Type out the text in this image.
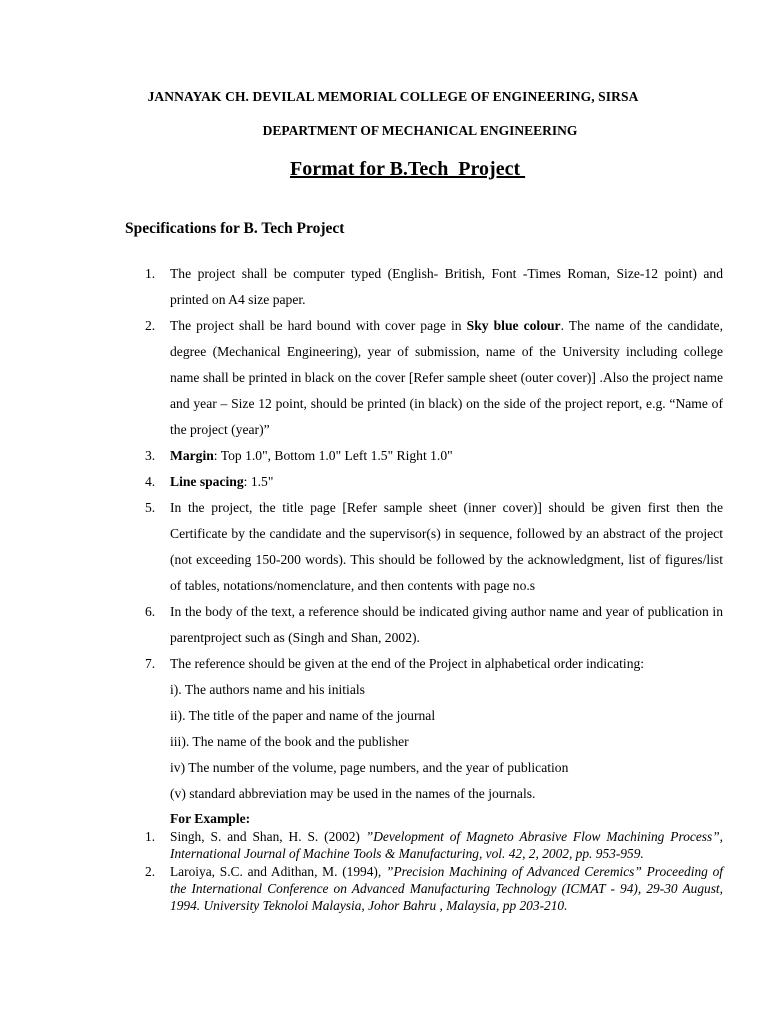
JANNAYAK CH. DEVILAL MEMORIAL COLLEGE OF ENGINEERING, SIRSA
DEPARTMENT OF MECHANICAL ENGINEERING
Format for B.Tech  Project
Specifications for B. Tech Project
1. The project shall be computer typed (English- British, Font -Times Roman, Size-12 point) and printed on A4 size paper.
2. The project shall be hard bound with cover page in Sky blue colour. The name of the candidate, degree (Mechanical Engineering), year of submission, name of the University including college name shall be printed in black on the cover [Refer sample sheet (outer cover)] .Also the project name and year – Size 12 point, should be printed (in black) on the side of the project report, e.g. “Name of the project (year)”
3. Margin: Top 1.0", Bottom 1.0" Left 1.5" Right 1.0"
4. Line spacing: 1.5"
5. In the project, the title page [Refer sample sheet (inner cover)] should be given first then the Certificate by the candidate and the supervisor(s) in sequence, followed by an abstract of the project (not exceeding 150-200 words). This should be followed by the acknowledgment, list of figures/list of tables, notations/nomenclature, and then contents with page no.s
6. In the body of the text, a reference should be indicated giving author name and year of publication in parentproject such as (Singh and Shan, 2002).
7. The reference should be given at the end of the Project in alphabetical order indicating:
i). The authors name and his initials
ii). The title of the paper and name of the journal
iii). The name of the book and the publisher
iv) The number of the volume, page numbers, and the year of publication
(v) standard abbreviation may be used in the names of the journals.
For Example:
1. Singh, S. and Shan, H. S. (2002) ”Development of Magneto Abrasive Flow Machining Process”, International Journal of Machine Tools & Manufacturing, vol. 42, 2, 2002, pp. 953-959.
2. Laroiya, S.C. and Adithan, M. (1994), ”Precision Machining of Advanced Ceremics” Proceeding of the International Conference on Advanced Manufacturing Technology (ICMAT - 94), 29-30 August, 1994. University Teknoloi Malaysia, Johor Bahru , Malaysia, pp 203-210.
